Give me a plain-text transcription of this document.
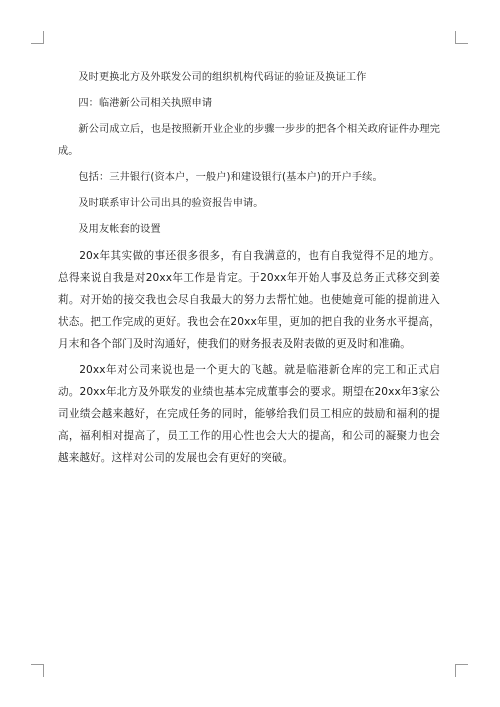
及时更换北方及外联发公司的组织机构代码证的验证及换证工作

四：临港新公司相关执照申请

新公司成立后，也是按照新开业企业的步骤一步步的把各个相关政府证件办理完成。

包括：三井银行(资本户，一般户)和建设银行(基本户)的开户手续。

及时联系审计公司出具的验资报告申请。

及用友帐套的设置

20x年其实做的事还很多很多，有自我满意的，也有自我觉得不足的地方。总得来说自我是对20xx年工作是肯定。于20xx年开始人事及总务正式移交到姜莉。对开始的接交我也会尽自我最大的努力去帮忙她。也使她竟可能的提前进入状态。把工作完成的更好。我也会在20xx年里，更加的把自我的业务水平提高，月末和各个部门及时沟通好，使我们的财务报表及附表做的更及时和准确。

20xx年对公司来说也是一个更大的飞越。就是临港新仓库的完工和正式启动。20xx年北方及外联发的业绩也基本完成董事会的要求。期望在20xx年3家公司业绩会越来越好，在完成任务的同时，能够给我们员工相应的鼓励和福利的提高，福利相对提高了，员工工作的用心性也会大大的提高，和公司的凝聚力也会越来越好。这样对公司的发展也会有更好的突破。
